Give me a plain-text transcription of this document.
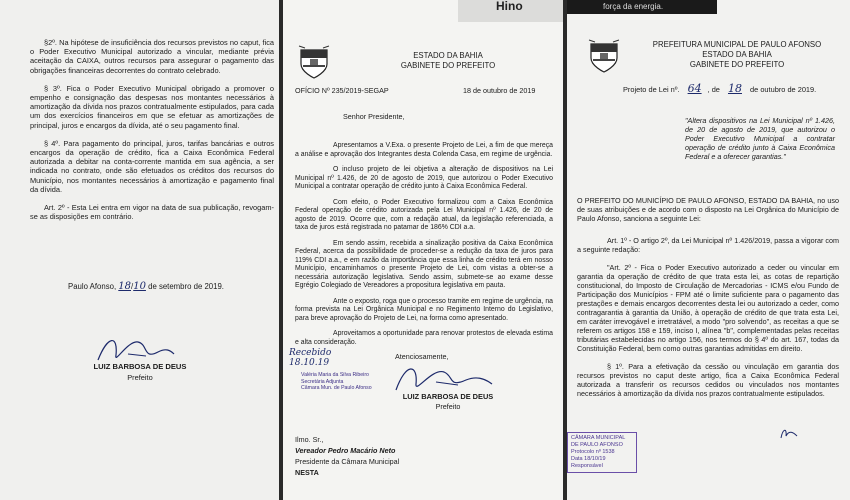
§2º. Na hipótese de insuficiência dos recursos previstos no caput, fica o Poder Executivo Municipal autorizado a vincular, mediante prévia aceitação da CAIXA, outros recursos para assegurar o pagamento das obrigações financeiras decorrentes do contrato celebrado.

§ 3º. Fica o Poder Executivo Municipal obrigado a promover o empenho e consignação das despesas nos montantes necessários à amortização da dívida nos prazos contratualmente estipulados, para cada um dos exercícios financeiros em que se efetuar as amortizações de principal, juros e encargos da dívida, até o seu pagamento final.

§ 4º. Para pagamento do principal, juros, tarifas bancárias e outros encargos da operação de crédito, fica a Caixa Econômica Federal autorizada a debitar na conta-corrente mantida em sua agência, a ser indicada no contrato, onde são efetuados os créditos dos recursos do Município, nos montantes necessários à amortização e pagamento final da dívida.

Art. 2º - Esta Lei entra em vigor na data de sua publicação, revogam-se as disposições em contrário.

Paulo Afonso, 18/10 de setembro de 2019.
LUIZ BARBOSA DE DEUS
Prefeito
Hino
ESTADO DA BAHIA
GABINETE DO PREFEITO
OFÍCIO Nº 235/2019-SEGAP	18 de outubro de 2019
Senhor Presidente,

Apresentamos a V.Exa. o presente Projeto de Lei, a fim de que mereça a análise e aprovação dos Integrantes desta Colenda Casa, em regime de urgência.

O incluso projeto de lei objetiva a alteração de dispositivos na Lei Municipal nº 1.426, de 20 de agosto de 2019, que autorizou o Poder Executivo Municipal a contratar operação de crédito junto à Caixa Econômica Federal.

Com efeito, o Poder Executivo formalizou com a Caixa Econômica Federal operação de crédito autorizada pela Lei Municipal nº 1.426, de 20 de agosto de 2019. Ocorre que, com a redação atual, da legislação referenciada, a taxa de juros está registrada no patamar de 186% CDI a.a.

Em sendo assim, recebida a sinalização positiva da Caixa Econômica Federal, acerca da possibilidade de proceder-se a redução da taxa de juros para 119% CDI a.a., e em razão da importância que essa linha de crédito terá em nosso Município, encaminhamos o presente Projeto de Lei, com vistas a obter-se a necessária autorização legislativa. Sendo assim, submete-se ao exame desse Egrégio Colegiado de Vereadores a propositura legislativa em pauta.

Ante o exposto, roga que o processo tramite em regime de urgência, na forma prevista na Lei Orgânica Municipal e no Regimento Interno do Legislativo, para breve aprovação do Projeto de Lei, na forma como apresentado.

Aproveitamos a oportunidade para renovar protestos de elevada estima e alta consideração.

Atenciosamente,
Recebido 18.10.19
Valéria Maria da Silva Ribeiro
Secretária Adjunta
Câmara Mun. de Paulo Afonso
LUIZ BARBOSA DE DEUS
Prefeito
Ilmo. Sr.,
Vereador Pedro Macário Neto
Presidente da Câmara Municipal
NESTA
força da energia.
PREFEITURA MUNICIPAL DE PAULO AFONSO
ESTADO DA BAHIA
GABINETE DO PREFEITO
Projeto de Lei nº. 64 , de 18 de outubro de 2019.
"Altera dispositivos na Lei Municipal nº 1.426, de 20 de agosto de 2019, que autorizou o Poder Executivo Municipal a contratar operação de crédito junto à Caixa Econômica Federal e a oferecer garantias."
O PREFEITO DO MUNICÍPIO DE PAULO AFONSO, ESTADO DA BAHIA, no uso de suas atribuições e de acordo com o disposto na Lei Orgânica do Município de Paulo Afonso, sanciona a seguinte Lei:

Art. 1º - O artigo 2º, da Lei Municipal nº 1.426/2019, passa a vigorar com a seguinte redação:

"Art. 2º - Fica o Poder Executivo autorizado a ceder ou vincular em garantia da operação de crédito de que trata esta lei, as cotas de repartição constitucional, do Imposto de Circulação de Mercadorias - ICMS e/ou Fundo de Participação dos Municípios - FPM até o limite suficiente para o pagamento das prestações e demais encargos decorrentes desta lei ou autorizado a ceder, como contragarantia à garantia da União, à operação de crédito de que trata esta Lei, em caráter irrevogável e irretratável, a modo "pro solvendo", as receitas a que se referem os artigos 158 e 159, inciso I, alínea "b", complementadas pelas receitas tributárias estabelecidas no artigo 156, nos termos do § 4º do art. 167, todas da Constituição Federal, bem como outras garantias admitidas em direito.

§ 1º. Para a efetivação da cessão ou vinculação em garantia dos recursos previstos no caput deste artigo, fica a Caixa Econômica Federal autorizada a transferir os recursos cedidos ou vinculados nos montantes necessários à amortização da dívida nos prazos contratualmente estipulados.

CÂMARA MUNICIPAL DE PAULO AFONSO
Protocolo nº 1538
Data 18/10/19
Responsável
